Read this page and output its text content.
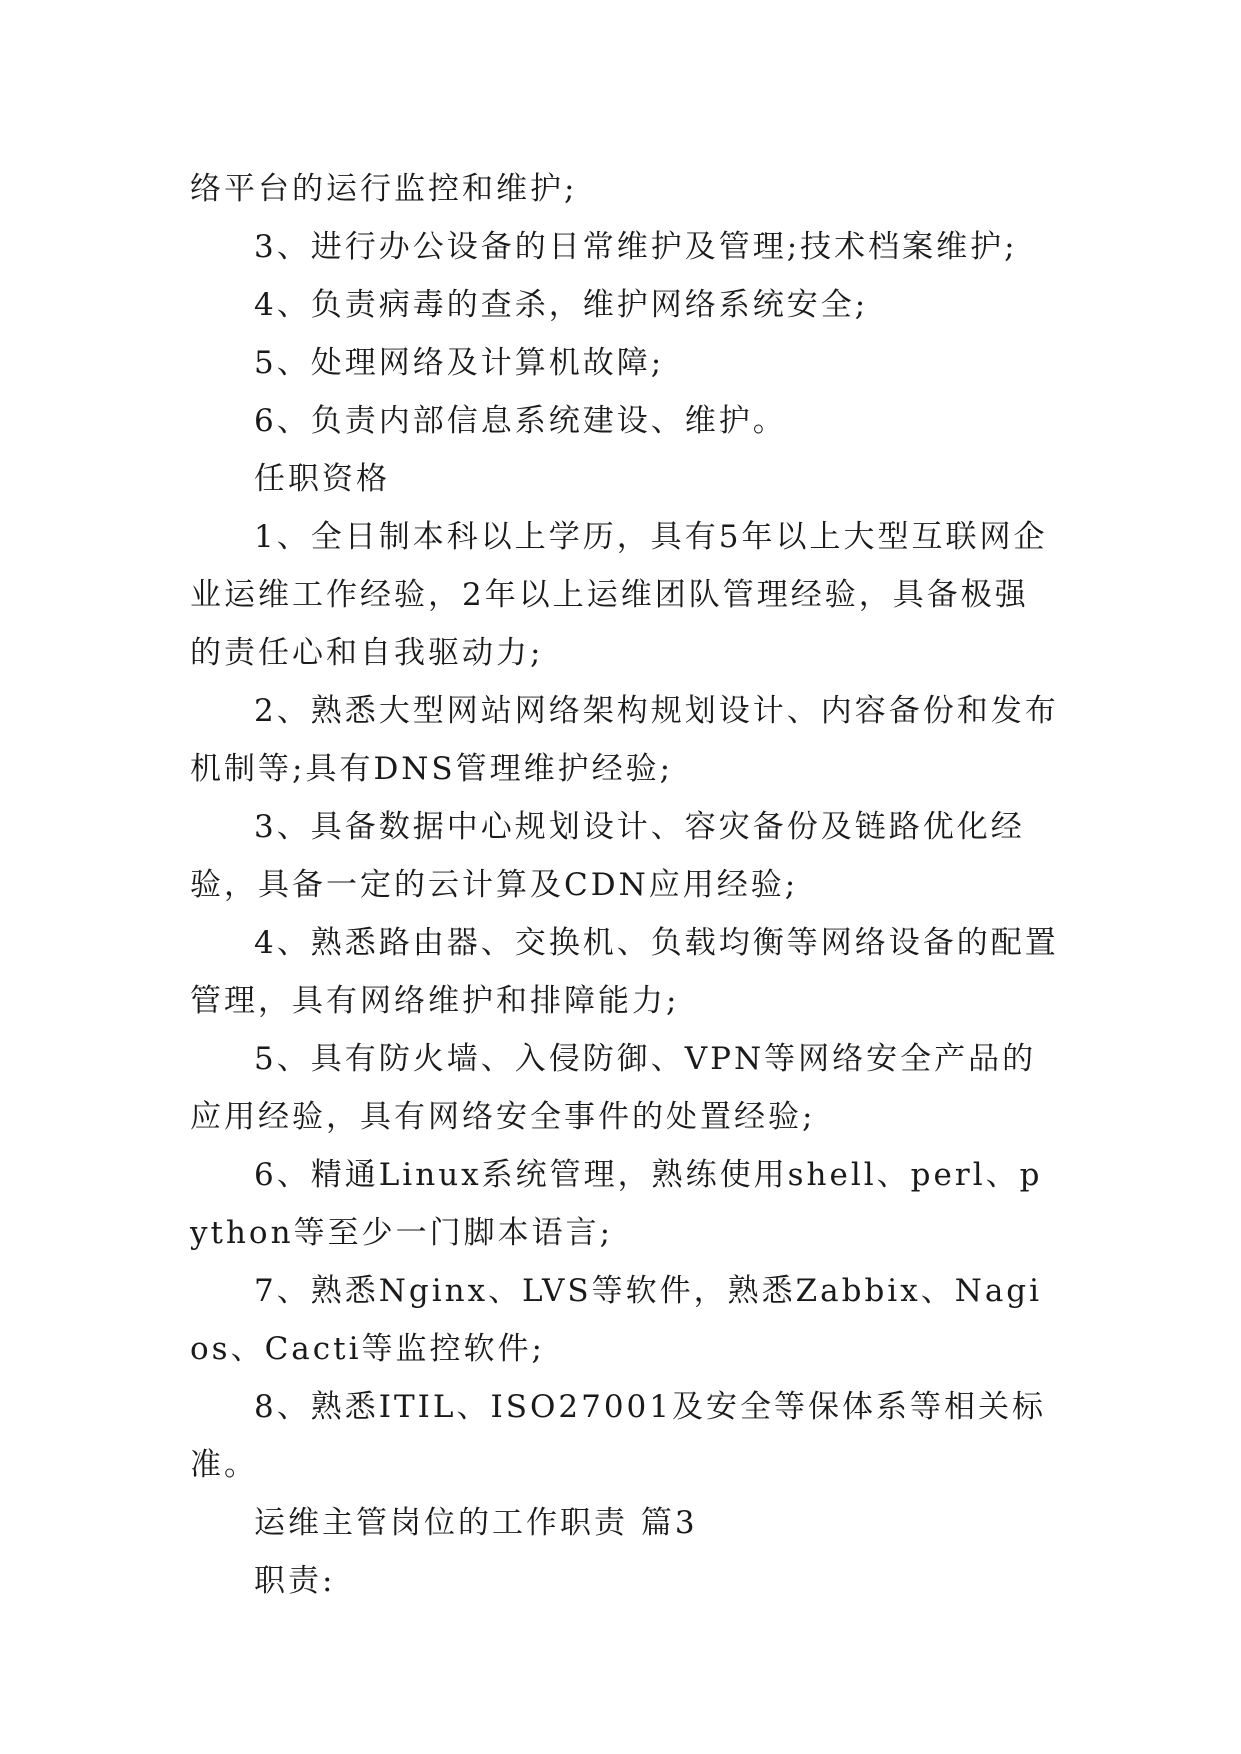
络平台的运行监控和维护;

3、进行办公设备的日常维护及管理;技术档案维护;

4、负责病毒的查杀，维护网络系统安全;

5、处理网络及计算机故障;

6、负责内部信息系统建设、维护。

任职资格

1、全日制本科以上学历，具有5年以上大型互联网企业运维工作经验，2年以上运维团队管理经验，具备极强的责任心和自我驱动力;

2、熟悉大型网站网络架构规划设计、内容备份和发布机制等;具有DNS管理维护经验;

3、具备数据中心规划设计、容灾备份及链路优化经验，具备一定的云计算及CDN应用经验;

4、熟悉路由器、交换机、负载均衡等网络设备的配置管理，具有网络维护和排障能力;

5、具有防火墙、入侵防御、VPN等网络安全产品的应用经验，具有网络安全事件的处置经验;

6、精通Linux系统管理，熟练使用shell、perl、python等至少一门脚本语言;

7、熟悉Nginx、LVS等软件，熟悉Zabbix、Nagios、Cacti等监控软件;

8、熟悉ITIL、ISO27001及安全等保体系等相关标准。

运维主管岗位的工作职责 篇3

职责:
